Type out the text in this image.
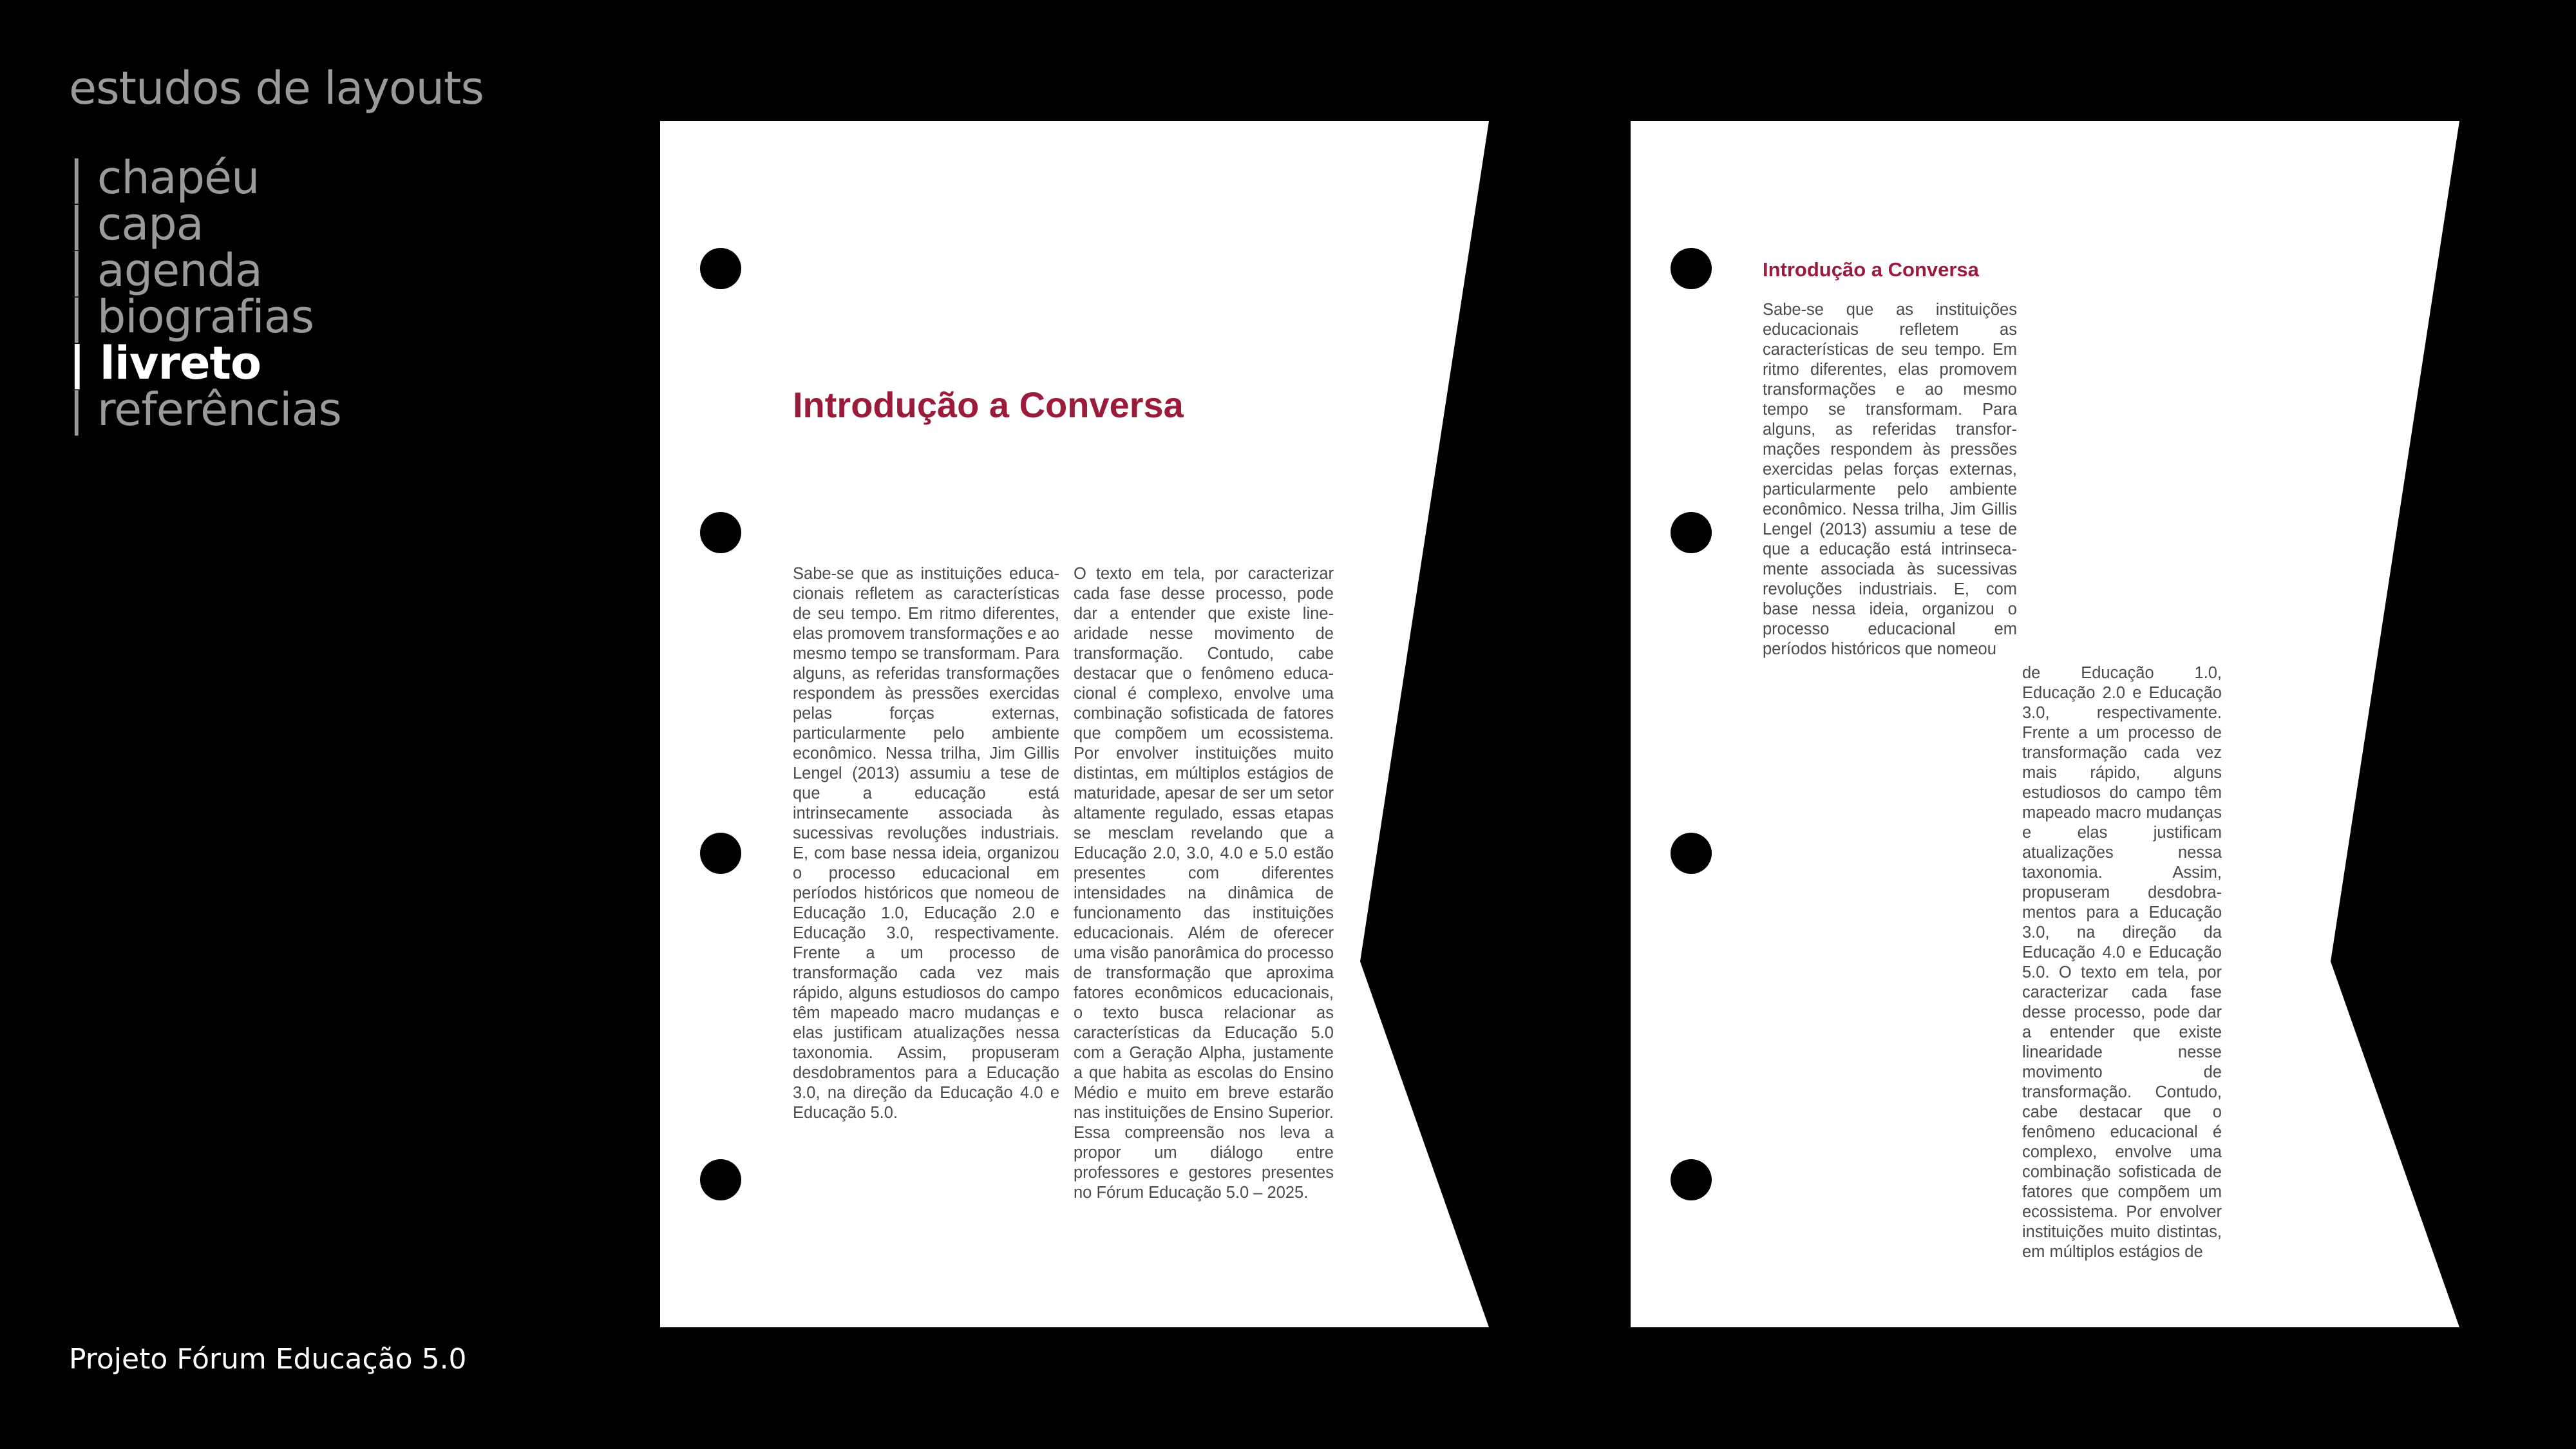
estudos de layouts
| chapéu
| capa
| agenda
| biografias
| livreto
| referências
Projeto Fórum Educação 5.0
Introdução a Conversa

Sabe-se que as instituições educacionais refletem as características de seu tempo. Em ritmo diferentes, elas promovem transformações e ao mesmo tempo se transformam. Para alguns, as referidas transformações respondem às pressões exercidas pelas forças externas, particularmente pelo ambiente econômico. Nessa trilha, Jim Gillis Lengel (2013) assumiu a tese de que a educação está intrinsecamente associada às sucessivas revoluções industriais. E, com base nessa ideia, organizou o processo educacional em períodos históricos que nomeou de Educação 1.0, Educação 2.0 e Educação 3.0, respectivamente. Frente a um processo de transformação cada vez mais rápido, alguns estudiosos do campo têm mapeado macro mudanças e elas justificam atualizações nessa taxonomia. Assim, propuseram desdobramentos para a Educação 3.0, na direção da Educação 4.0 e Educação 5.0.

O texto em tela, por caracterizar cada fase desse processo, pode dar a entender que existe linearidade nesse movimento de transformação. Contudo, cabe destacar que o fenômeno educacional é complexo, envolve uma combinação sofisticada de fatores que compõem um ecossistema. Por envolver instituições muito distintas, em múltiplos estágios de maturidade, apesar de ser um setor altamente regulado, essas etapas se mesclam revelando que a Educação 2.0, 3.0, 4.0 e 5.0 estão presentes com diferentes intensidades na dinâmica de funcionamento das instituições educacionais. Além de oferecer uma visão panorâmica do processo de transformação que aproxima fatores econômicos educacionais, o texto busca relacionar as características da Educação 5.0 com a Geração Alpha, justamente a que habita as escolas do Ensino Médio e muito em breve estarão nas instituições de Ensino Superior. Essa compreensão nos leva a propor um diálogo entre professores e gestores presentes no Fórum Educação 5.0 – 2025.

Introdução a Conversa

Sabe-se que as instituições educacionais refletem as características de seu tempo. Em ritmo diferentes, elas promovem transformações e ao mesmo tempo se transformam. Para alguns, as referidas transformações respondem às pressões exercidas pelas forças externas, particularmente pelo ambiente econômico. Nessa trilha, Jim Gillis Lengel (2013) assumiu a tese de que a educação está intrinsecamente associada às sucessivas revoluções industriais. E, com base nessa ideia, organizou o processo educacional em períodos históricos que nomeou

de Educação 1.0, Educação 2.0 e Educação 3.0, respectivamente. Frente a um processo de transformação cada vez mais rápido, alguns estudiosos do campo têm mapeado macro mudanças e elas justificam atualizações nessa taxonomia. Assim, propuseram desdobramentos para a Educação 3.0, na direção da Educação 4.0 e Educação 5.0. O texto em tela, por caracterizar cada fase desse processo, pode dar a entender que existe linearidade nesse movimento de transformação. Contudo, cabe destacar que o fenômeno educacional é complexo, envolve uma combinação sofisticada de fatores que compõem um ecossistema. Por envolver instituições muito distintas, em múltiplos estágios de
